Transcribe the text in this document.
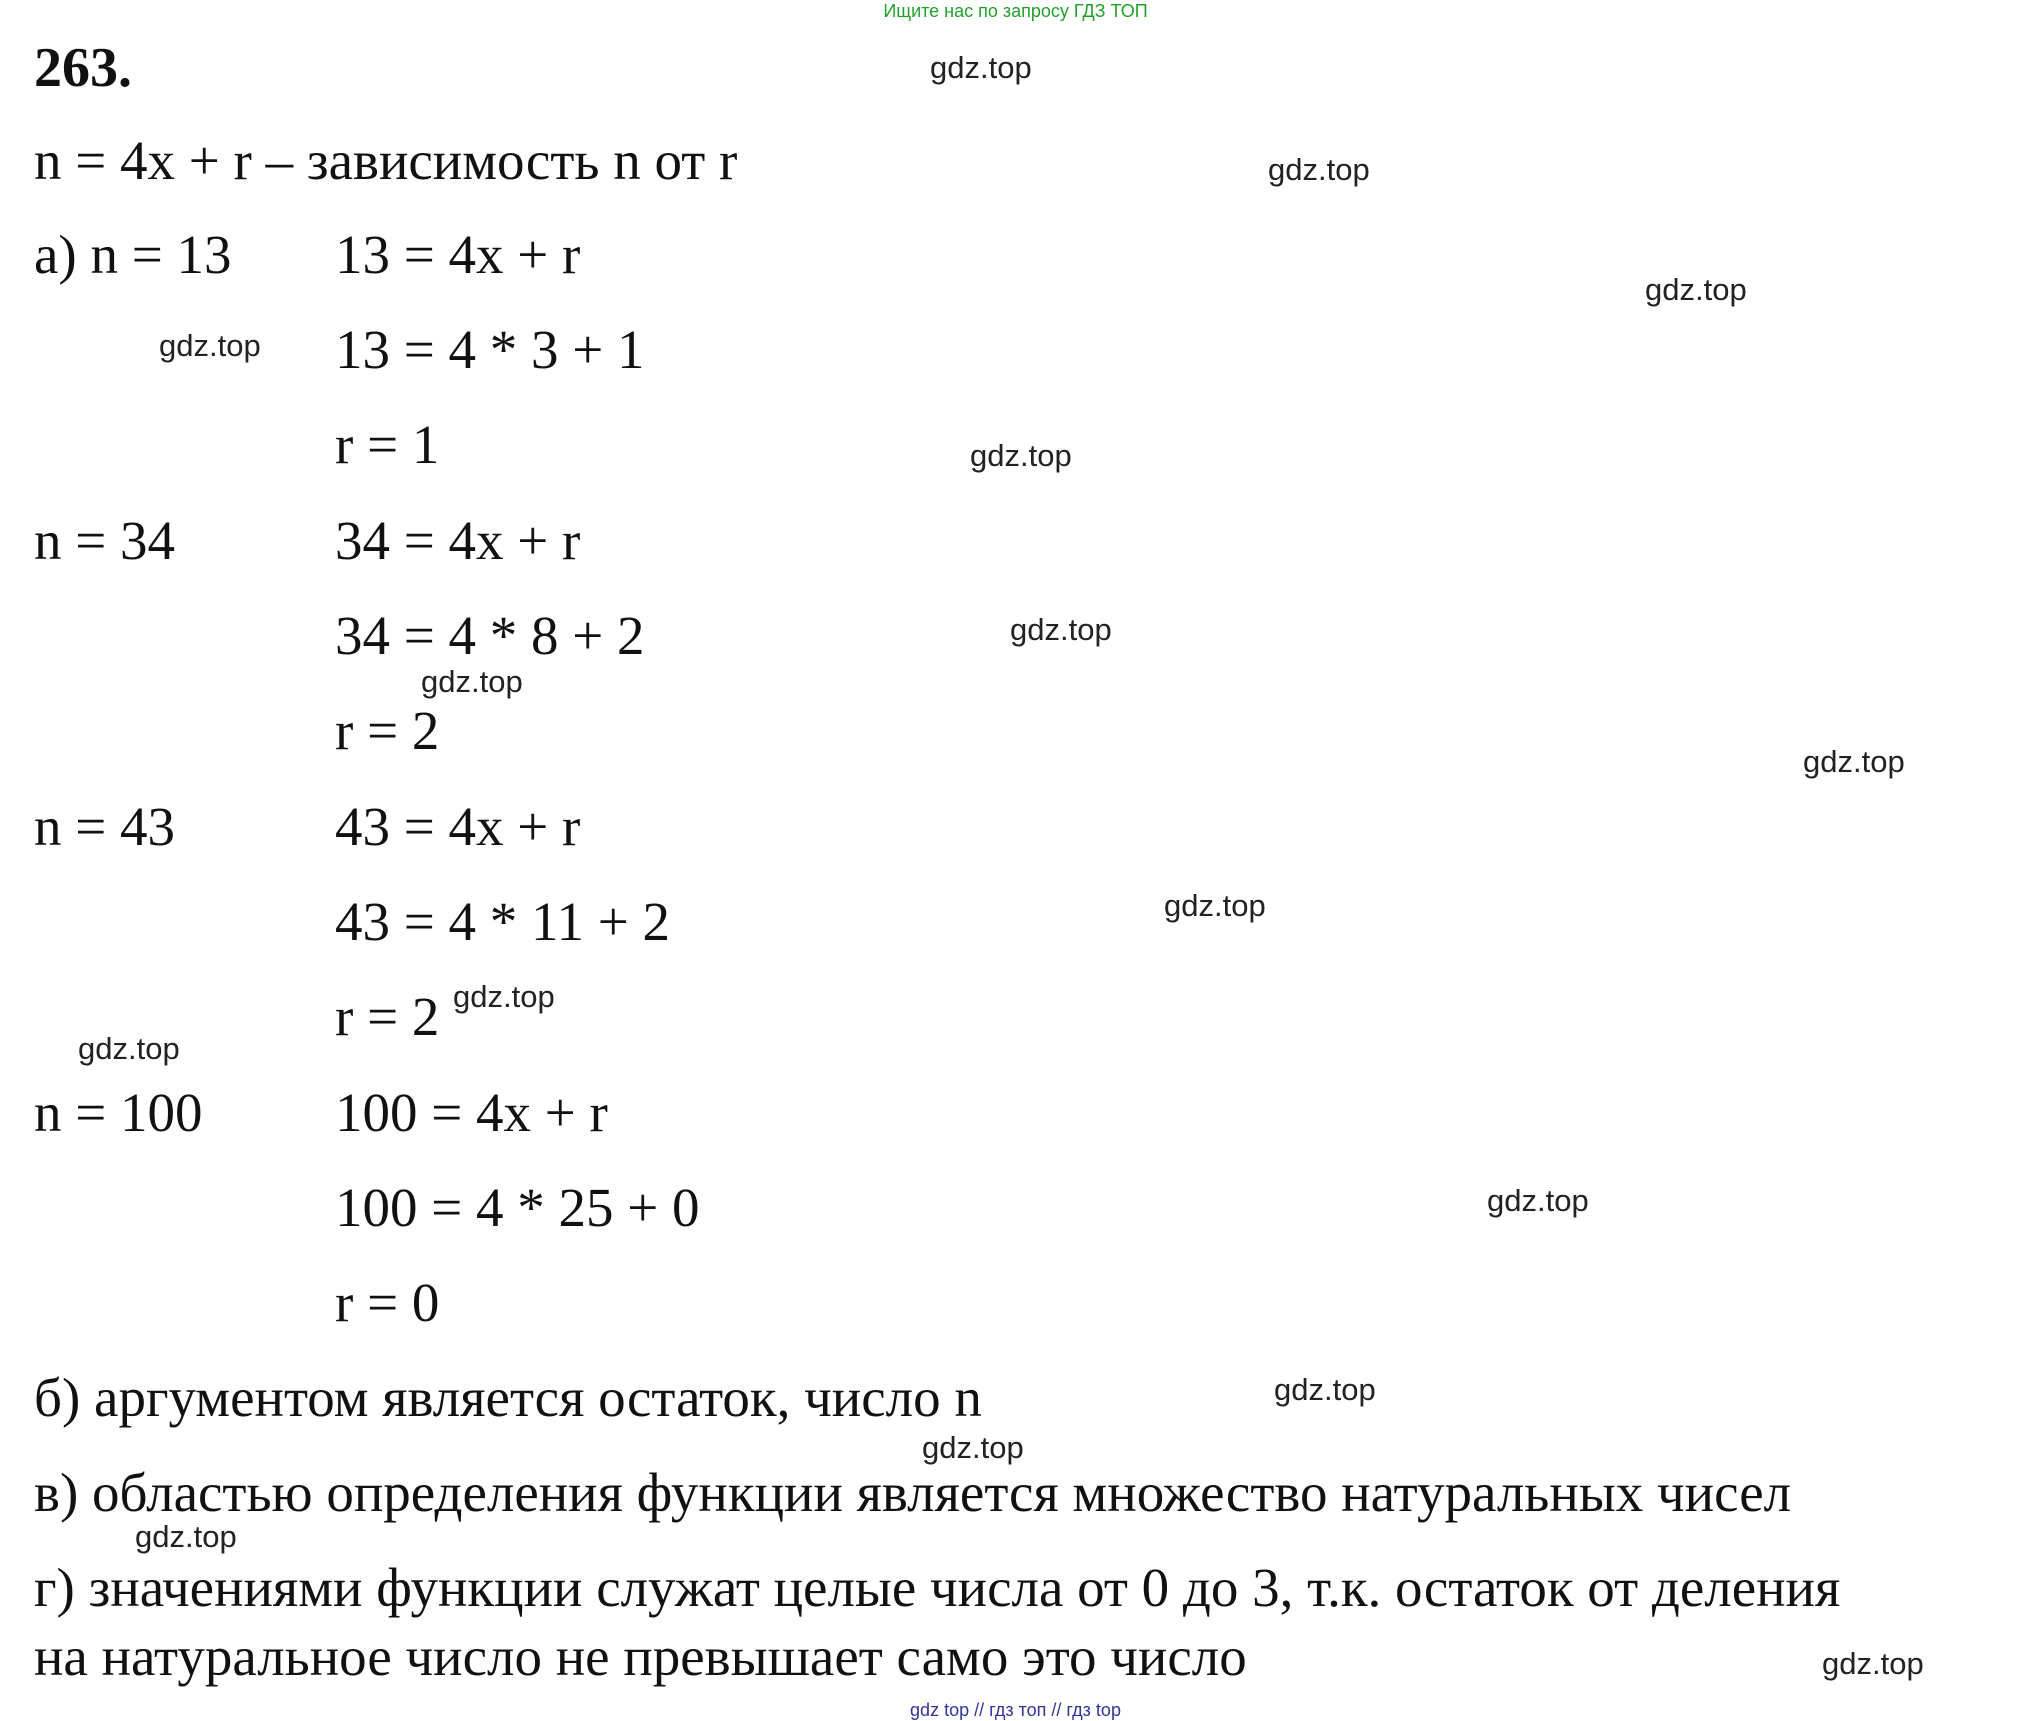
Ищите нас по запросу ГДЗ ТОП
263.
n = 4x + r – зависимость n от r
а) n = 13 13 = 4x + r
13 = 4 * 3 + 1
r = 1
n = 34	34 = 4x + r
34 = 4 * 8 + 2
r = 2
n = 43	43 = 4x + r
43 = 4 * 11 + 2
r = 2
n = 100 100 = 4x + r
100 = 4 * 25 + 0
r = 0
б) аргументом является остаток, число n
в) областью определения функции является множество натуральных чисел
г) значениями функции служат целые числа от 0 до 3, т.к. остаток от деления
на натуральное число не превышает само это число
gdz.top
gdz.top
gdz.top
gdz.top
gdz.top
gdz.top
gdz.top
gdz.top
gdz.top
gdz.top
gdz.top
gdz.top
gdz.top
gdz.top
gdz.top
gdz.top
gdz top // гдз топ // гдз top
